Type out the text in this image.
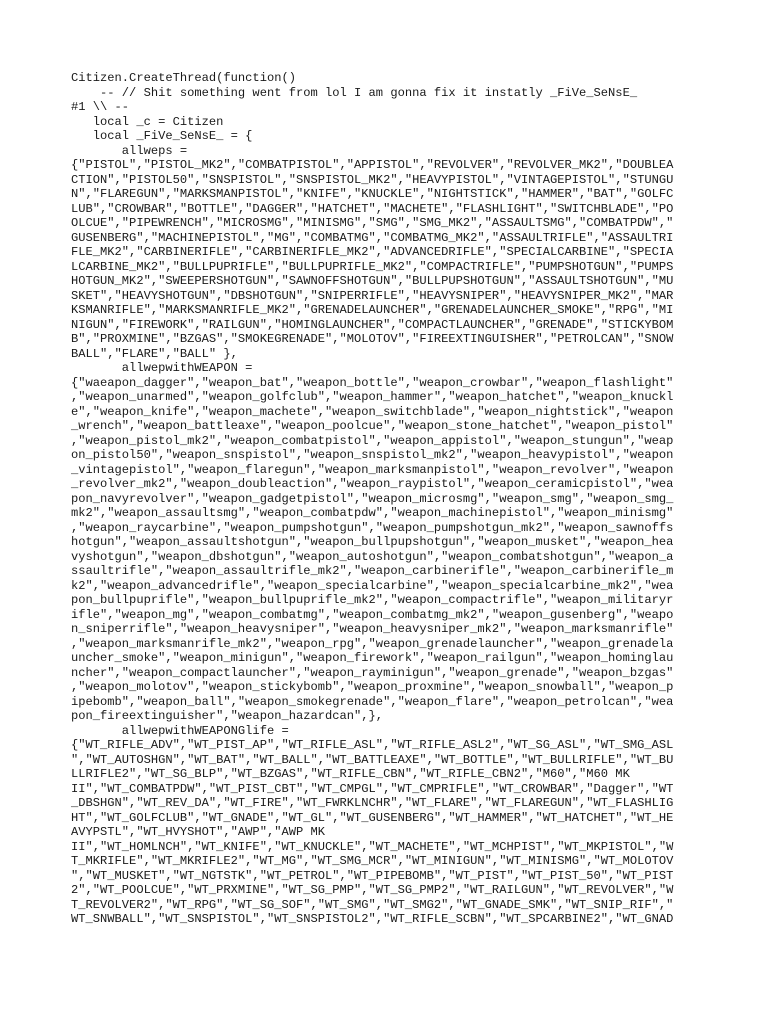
Citizen.CreateThread(function()
-- // Shit something went from lol I am gonna fix it instatly _FiVe_SeNsE_
#1 \\ --
local _c = Citizen
local _FiVe_SeNsE_ = {
allweps =
{"PISTOL","PISTOL_MK2","COMBATPISTOL","APPISTOL","REVOLVER","REVOLVER_MK2","DOUBLEA
CTION","PISTOL50","SNSPISTOL","SNSPISTOL_MK2","HEAVYPISTOL","VINTAGEPISTOL","STUNGU
N","FLAREGUN","MARKSMANPISTOL","KNIFE","KNUCKLE","NIGHTSTICK","HAMMER","BAT","GOLFC
LUB","CROWBAR","BOTTLE","DAGGER","HATCHET","MACHETE","FLASHLIGHT","SWITCHBLADE","PO
OLCUE","PIPEWRENCH","MICROSMG","MINISMG","SMG","SMG_MK2","ASSAULTSMG","COMBATPDW","
GUSENBERG","MACHINEPISTOL","MG","COMBATMG","COMBATMG_MK2","ASSAULTRIFLE","ASSAULTRI
FLE_MK2","CARBINERIFLE","CARBINERIFLE_MK2","ADVANCEDRIFLE","SPECIALCARBINE","SPECIA
LCARBINE_MK2","BULLPUPRIFLE","BULLPUPRIFLE_MK2","COMPACTRIFLE","PUMPSHOTGUN","PUMPS
HOTGUN_MK2","SWEEPERSHOTGUN","SAWNOFFSHOTGUN","BULLPUPSHOTGUN","ASSAULTSHOTGUN","MU
SKET","HEAVYSHOTGUN","DBSHOTGUN","SNIPERRIFLE","HEAVYSNIPER","HEAVYSNIPER_MK2","MAR
KSMANRIFLE","MARKSMANRIFLE_MK2","GRENADELAUNCHER","GRENADELAUNCHER_SMOKE","RPG","MI
NIGUN","FIREWORK","RAILGUN","HOMINGLAUNCHER","COMPACTLAUNCHER","GRENADE","STICKYBOM
B","PROXMINE","BZGAS","SMOKEGRENADE","MOLOTOV","FIREEXTINGUISHER","PETROLCAN","SNOW
BALL","FLARE","BALL" },
allwepwithWEAPON =
{"waeapon_dagger","weapon_bat","weapon_bottle","weapon_crowbar","weapon_flashlight"
,"weapon_unarmed","weapon_golfclub","weapon_hammer","weapon_hatchet","weapon_knuckl
e","weapon_knife","weapon_machete","weapon_switchblade","weapon_nightstick","weapon
_wrench","weapon_battleaxe","weapon_poolcue","weapon_stone_hatchet","weapon_pistol"
,"weapon_pistol_mk2","weapon_combatpistol","weapon_appistol","weapon_stungun","weap
on_pistol50","weapon_snspistol","weapon_snspistol_mk2","weapon_heavypistol","weapon
_vintagepistol","weapon_flaregun","weapon_marksmanpistol","weapon_revolver","weapon
_revolver_mk2","weapon_doubleaction","weapon_raypistol","weapon_ceramicpistol","wea
pon_navyrevolver","weapon_gadgetpistol","weapon_microsmg","weapon_smg","weapon_smg_
mk2","weapon_assaultsmg","weapon_combatpdw","weapon_machinepistol","weapon_minismg"
,"weapon_raycarbine","weapon_pumpshotgun","weapon_pumpshotgun_mk2","weapon_sawnoffs
hotgun","weapon_assaultshotgun","weapon_bullpupshotgun","weapon_musket","weapon_hea
vyshotgun","weapon_dbshotgun","weapon_autoshotgun","weapon_combatshotgun","weapon_a
ssaultrifle","weapon_assaultrifle_mk2","weapon_carbinerifle","weapon_carbinerifle_m
k2","weapon_advancedrifle","weapon_specialcarbine","weapon_specialcarbine_mk2","wea
pon_bullpuprifle","weapon_bullpuprifle_mk2","weapon_compactrifle","weapon_militaryr
ifle","weapon_mg","weapon_combatmg","weapon_combatmg_mk2","weapon_gusenberg","weapo
n_sniperrifle","weapon_heavysniper","weapon_heavysniper_mk2","weapon_marksmanrifle"
,"weapon_marksmanrifle_mk2","weapon_rpg","weapon_grenadelauncher","weapon_grenadela
uncher_smoke","weapon_minigun","weapon_firework","weapon_railgun","weapon_hominglau
ncher","weapon_compactlauncher","weapon_rayminigun","weapon_grenade","weapon_bzgas"
,"weapon_molotov","weapon_stickybomb","weapon_proxmine","weapon_snowball","weapon_p
ipebomb","weapon_ball","weapon_smokegrenade","weapon_flare","weapon_petrolcan","wea
pon_fireextinguisher","weapon_hazardcan",},
allwepwithWEAPONGlife =
{"WT_RIFLE_ADV","WT_PIST_AP","WT_RIFLE_ASL","WT_RIFLE_ASL2","WT_SG_ASL","WT_SMG_ASL
","WT_AUTOSHGN","WT_BAT","WT_BALL","WT_BATTLEAXE","WT_BOTTLE","WT_BULLRIFLE","WT_BU
LLRIFLE2","WT_SG_BLP","WT_BZGAS","WT_RIFLE_CBN","WT_RIFLE_CBN2","M60","M60 MK
II","WT_COMBATPDW","WT_PIST_CBT","WT_CMPGL","WT_CMPRIFLE","WT_CROWBAR","Dagger","WT
_DBSHGN","WT_REV_DA","WT_FIRE","WT_FWRKLNCHR","WT_FLARE","WT_FLAREGUN","WT_FLASHLIG
HT","WT_GOLFCLUB","WT_GNADE","WT_GL","WT_GUSENBERG","WT_HAMMER","WT_HATCHET","WT_HE
AVYPSTL","WT_HVYSHOT","AWP","AWP MK
II","WT_HOMLNCH","WT_KNIFE","WT_KNUCKLE","WT_MACHETE","WT_MCHPIST","WT_MKPISTOL","W
T_MKRIFLE","WT_MKRIFLE2","WT_MG","WT_SMG_MCR","WT_MINIGUN","WT_MINISMG","WT_MOLOTOV
","WT_MUSKET","WT_NGTSTK","WT_PETROL","WT_PIPEBOMB","WT_PIST","WT_PIST_50","WT_PIST
2","WT_POOLCUE","WT_PRXMINE","WT_SG_PMP","WT_SG_PMP2","WT_RAILGUN","WT_REVOLVER","W
T_REVOLVER2","WT_RPG","WT_SG_SOF","WT_SMG","WT_SMG2","WT_GNADE_SMK","WT_SNIP_RIF","
WT_SNWBALL","WT_SNSPISTOL","WT_SNSPISTOL2","WT_RIFLE_SCBN","WT_SPCARBINE2","WT_GNAD
